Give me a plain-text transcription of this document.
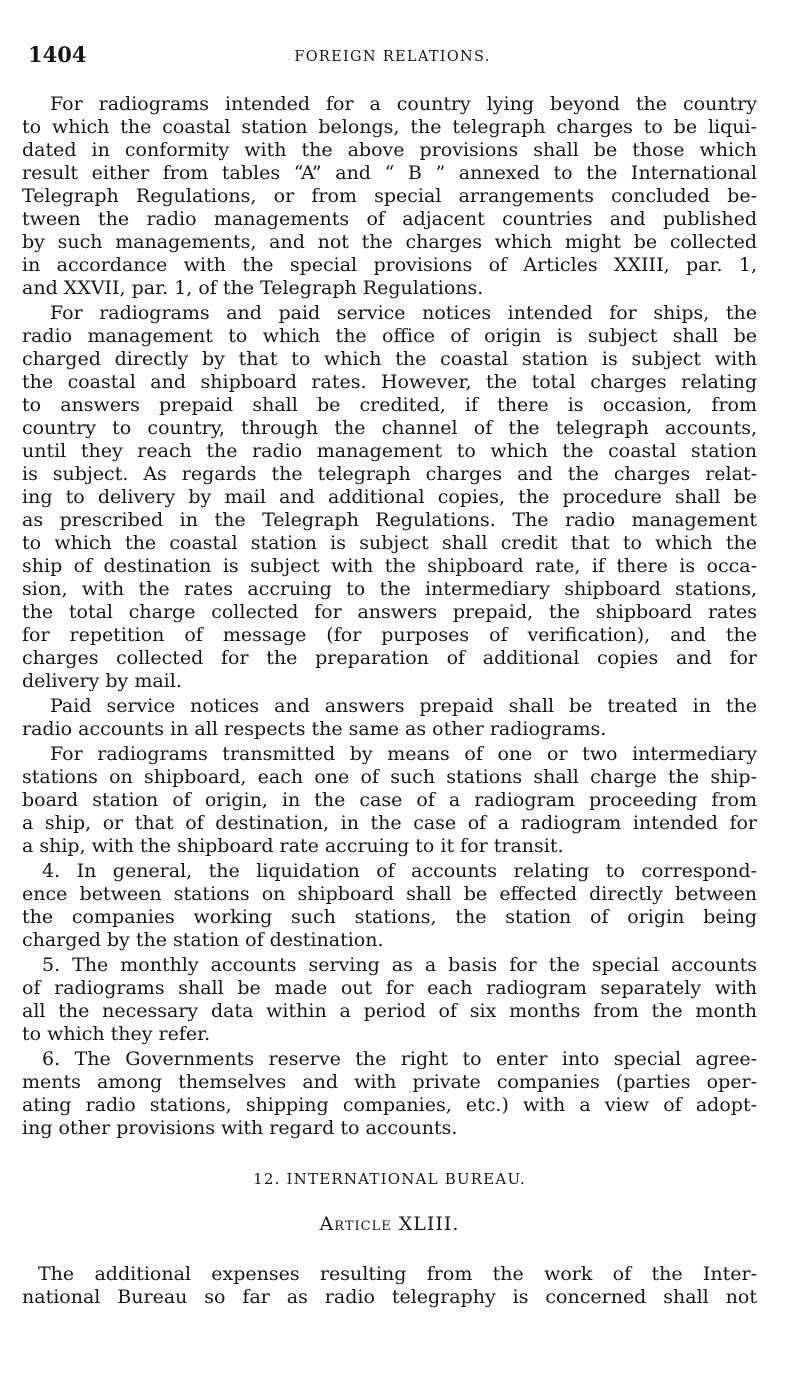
1404	FOREIGN RELATIONS.
For radiograms intended for a country lying beyond the country
to which the coastal station belongs, the telegraph charges to be liqui-
dated in conformity with the above provisions shall be those which
result either from tables “A” and “ B ” annexed to the International
Telegraph Regulations, or from special arrangements concluded be-
tween the radio managements of adjacent countries and published
by such managements, and not the charges which might be collected
in accordance with the special provisions of Articles XXIII, par. 1,
and XXVII, par. 1, of the Telegraph Regulations.
For radiograms and paid service notices intended for ships, the
radio management to which the office of origin is subject shall be
charged directly by that to which the coastal station is subject with
the coastal and shipboard rates. However, the total charges relating
to answers prepaid shall be credited, if there is occasion, from
country to country, through the channel of the telegraph accounts,
until they reach the radio management to which the coastal station
is subject. As regards the telegraph charges and the charges relat-
ing to delivery by mail and additional copies, the procedure shall be
as prescribed in the Telegraph Regulations. The radio management
to which the coastal station is subject shall credit that to which the
ship of destination is subject with the shipboard rate, if there is occa-
sion, with the rates accruing to the intermediary shipboard stations,
the total charge collected for answers prepaid, the shipboard rates
for repetition of message (for purposes of verification), and the
charges collected for the preparation of additional copies and for
delivery by mail.
Paid service notices and answers prepaid shall be treated in the
radio accounts in all respects the same as other radiograms.
For radiograms transmitted by means of one or two intermediary
stations on shipboard, each one of such stations shall charge the ship-
board station of origin, in the case of a radiogram proceeding from
a ship, or that of destination, in the case of a radiogram intended for
a ship, with the shipboard rate accruing to it for transit.
4. In general, the liquidation of accounts relating to correspond-
ence between stations on shipboard shall be effected directly between
the companies working such stations, the station of origin being
charged by the station of destination.
5. The monthly accounts serving as a basis for the special accounts
of radiograms shall be made out for each radiogram separately with
all the necessary data within a period of six months from the month
to which they refer.
6. The Governments reserve the right to enter into special agree-
ments among themselves and with private companies (parties oper-
ating radio stations, shipping companies, etc.) with a view of adopt-
ing other provisions with regard to accounts.
12. INTERNATIONAL BUREAU.
Article XLIII.
The additional expenses resulting from the work of the Inter-
national Bureau so far as radio telegraphy is concerned shall not
